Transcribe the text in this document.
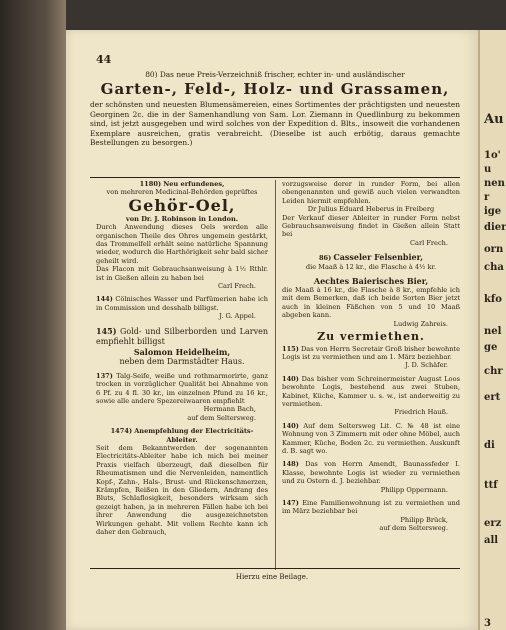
44
80) Das neue Preis-Verzeichniß frischer, echter in- und ausländischer
Garten-, Feld-, Holz- und Grassamen,
der schönsten und neuesten Blumensämereien, eines Sortimentes der prächtigsten und neuesten Georginen 2c. die in der Samenhandlung von Sam. Lor. Ziemann in Quedlinburg zu bekommen sind, ist jetzt ausgegeben und wird solches von der Expedition d. Blts., insoweit die vorhandenen Exemplare ausreichen, gratis verabreicht. (Dieselbe ist auch erbötig, daraus gemachte Bestellungen zu besorgen.)
1180) Neu erfundenes,
von mehreren Medicinal-Behörden geprüftes
Gehör-Oel,
von Dr. J. Robinson in London.
Durch Anwendung dieses Oels werden alle organischen Theile des Ohres ungemein gestärkt, das Trommelfell erhält seine natürliche Spannung wieder, wodurch die Harthörigkeit sehr bald sicher geheilt wird.
Das Flacon mit Gebrauchsanweisung à 1½ Rthlr. ist in Gießen allein zu haben bei
Carl Frech.
144) Cölnisches Wasser und Parfümerien habe ich in Commission und desshalb billigst.
J. G. Appel.
145) Gold- und Silberborden und Larven empfiehlt billigst
Salomon Heidelheim,
neben dem Darmstädter Haus.
137) Talg-Seife, weiße und rothmarmorirte, ganz trocken in vorzüglicher Qualität bei Abnahme von 6 Pf. zu 4 fl. 30 kr., im einzelnen Pfund zu 16 kr., sowie alle andere Spezereiwaaren empfiehlt
Hermann Bach,
auf dem Seltersweg.
1474) Anempfehlung der Electricitäts-Ableiter.
Seit dem Bekanntwerden der sogenannten Electricitäts-Ableiter habe ich mich bei meiner Praxis vielfach überzeugt, daß dieselben für Rheumatismen und die Nervenleiden, namentlich Kopf-, Zahn-, Hals-, Brust- und Rückenschmerzen, Krämpfen, Reißen in den Gliedern, Andrang des Bluts, Schlaflosigkeit, besonders wirksam sich gezeigt haben, ja in mehreren Fällen habe ich bei ihrer Anwendung die ausgezeichnetsten Wirkungen gehabt. Mit vollem Rechte kann ich daher den Gebrauch,
vorzugsweise derer in runder Form, bei allen obengenannten und gewiß auch vielen verwandten Leiden hiermit empfehlen.
Dr Julius Eduard Heberus in Freiberg
Der Verkauf dieser Ableiter in runder Form nebst Gebrauchsanweisung findet in Gießen allein Statt bei
Carl Frech.
86) Casseler Felsenbier,
die Maaß à 12 kr., die Flasche à 4½ kr.
Aechtes Baierisches Bier,
die Maaß à 16 kr., die Flasche à 8 kr., empfehle ich mit dem Bemerken, daß ich beide Sorten Bier jetzt auch in kleinen Fäßchen von 5 und 10 Maaß abgeben kann.
Ludwig Zahreis.
Zu vermiethen.
115) Das von Herrn Secretair Groß bisher bewohnte Logis ist zu vermiethen und am 1. März beziehbar.
J. D. Schäfer.
140) Das bisher vom Schreinermeister August Loos bewohnte Logis, bestehend aus zwei Stuben, Kabinet, Küche, Kammer u. s. w., ist anderweitig zu vermiethen.
Friedrich Hauß.
140) Auf dem Seltersweg Lit. C. № 48 ist eine Wohnung von 3 Zimmern mit oder ohne Möbel, auch Kammer, Küche, Boden 2c. zu vermiethen. Auskunft d. B. sagt wo.
148) Das von Herrn Amendt, Baunassfeder I. Klasse, bewohnte Logis ist wieder zu vermiethen und zu Ostern d. J. beziehbar.
Philipp Oppermann.
147) Eine Familienwohnung ist zu vermiethen und im März beziehbar bei
Philipp Brück,
auf dem Seltersweg.
Hierzu eine Beilage.
Au
1ο'
u
nen
r
ige
dier
orn
cha
kfo
nel
ge
chr
ert
di
ttf
erz
all
3
